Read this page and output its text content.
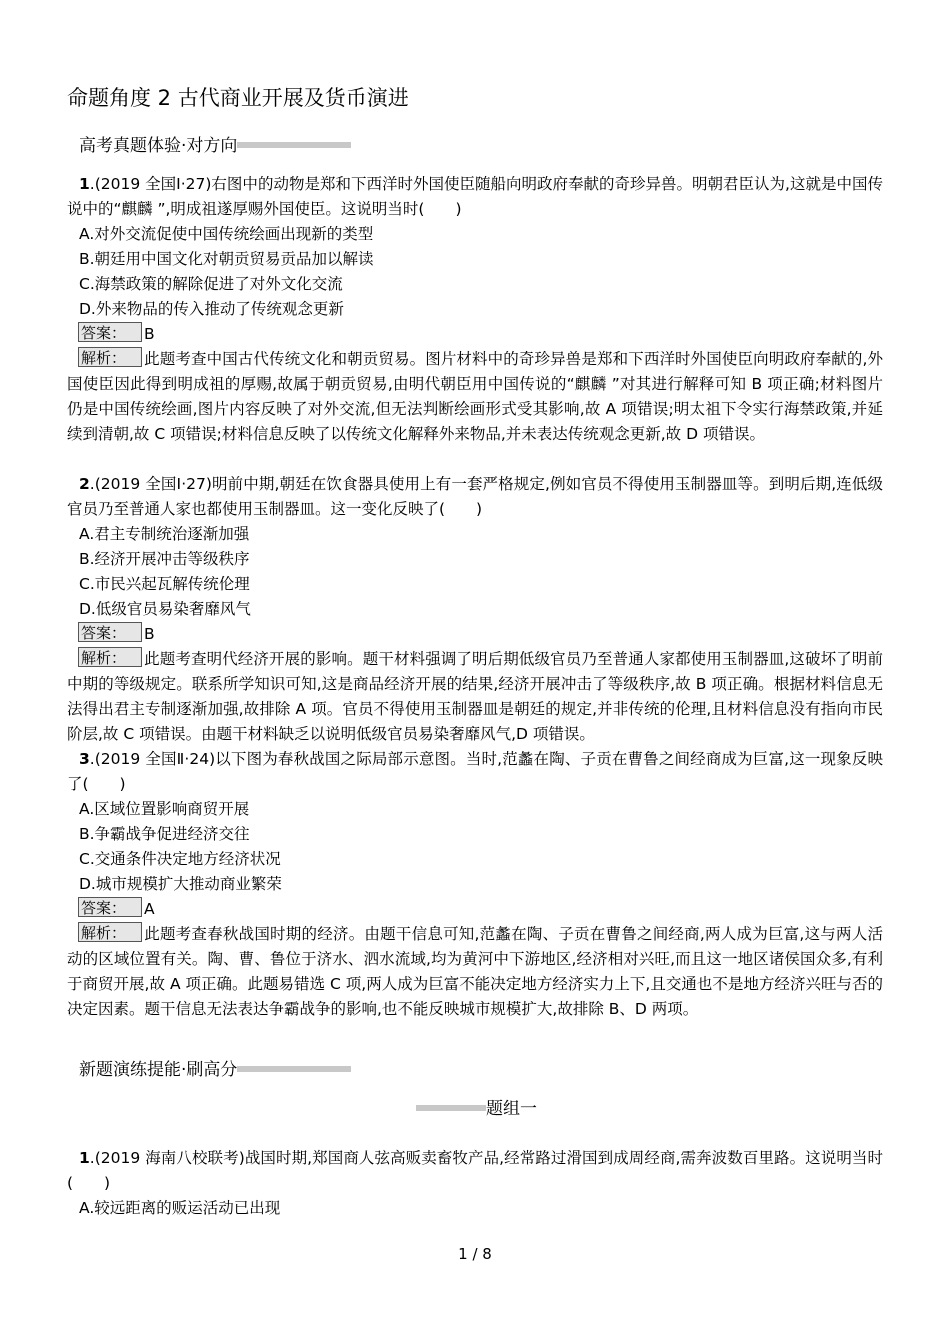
命题角度 2 古代商业开展及货币演进
高考真题体验·对方向

1.(2019 全国Ⅰ·27)右图中的动物是郑和下西洋时外国使臣随船向明政府奉献的奇珍异兽。明朝君臣认为,这就是中国传说中的“麒麟 ”,明成祖遂厚赐外国使臣。这说明当时(　　)

A.对外交流促使中国传统绘画出现新的类型

B.朝廷用中国文化对朝贡贸易贡品加以解读

C.海禁政策的解除促进了对外文化交流

D.外来物品的传入推动了传统观念更新

答案： B

解析： 此题考查中国古代传统文化和朝贡贸易。图片材料中的奇珍异兽是郑和下西洋时外国使臣向明政府奉献的,外国使臣因此得到明成祖的厚赐,故属于朝贡贸易,由明代朝臣用中国传说的“麒麟 ”对其进行解释可知 B 项正确;材料图片仍是中国传统绘画,图片内容反映了对外交流,但无法判断绘画形式受其影响,故 A 项错误;明太祖下令实行海禁政策,并延续到清朝,故 C 项错误;材料信息反映了以传统文化解释外来物品,并未表达传统观念更新,故 D 项错误。

2.(2019 全国Ⅰ·27)明前中期,朝廷在饮食器具使用上有一套严格规定,例如官员不得使用玉制器皿等。到明后期,连低级官员乃至普通人家也都使用玉制器皿。这一变化反映了(　　)

A.君主专制统治逐渐加强

B.经济开展冲击等级秩序

C.市民兴起瓦解传统伦理

D.低级官员易染奢靡风气

答案： B

解析： 此题考查明代经济开展的影响。题干材料强调了明后期低级官员乃至普通人家都使用玉制器皿,这破坏了明前中期的等级规定。联系所学知识可知,这是商品经济开展的结果,经济开展冲击了等级秩序,故 B 项正确。根据材料信息无法得出君主专制逐渐加强,故排除 A 项。官员不得使用玉制器皿是朝廷的规定,并非传统的伦理,且材料信息没有指向市民阶层,故 C 项错误。由题干材料缺乏以说明低级官员易染奢靡风气,D 项错误。

3.(2019 全国Ⅱ·24)以下图为春秋战国之际局部示意图。当时,范蠡在陶、子贡在曹鲁之间经商成为巨富,这一现象反映了(　　)

A.区域位置影响商贸开展

B.争霸战争促进经济交往

C.交通条件决定地方经济状况

D.城市规模扩大推动商业繁荣

答案： A

解析： 此题考查春秋战国时期的经济。由题干信息可知,范蠡在陶、子贡在曹鲁之间经商,两人成为巨富,这与两人活动的区域位置有关。陶、曹、鲁位于济水、泗水流域,均为黄河中下游地区,经济相对兴旺,而且这一地区诸侯国众多,有利于商贸开展,故 A 项正确。此题易错选 C 项,两人成为巨富不能决定地方经济实力上下,且交通也不是地方经济兴旺与否的决定因素。题干信息无法表达争霸战争的影响,也不能反映城市规模扩大,故排除 B、D 两项。

新题演练提能·刷高分
题组一

1.(2019 海南八校联考)战国时期,郑国商人弦高贩卖畜牧产品,经常路过滑国到成周经商,需奔波数百里路。这说明当时(　　)

A.较远距离的贩运活动已出现

1 / 8
